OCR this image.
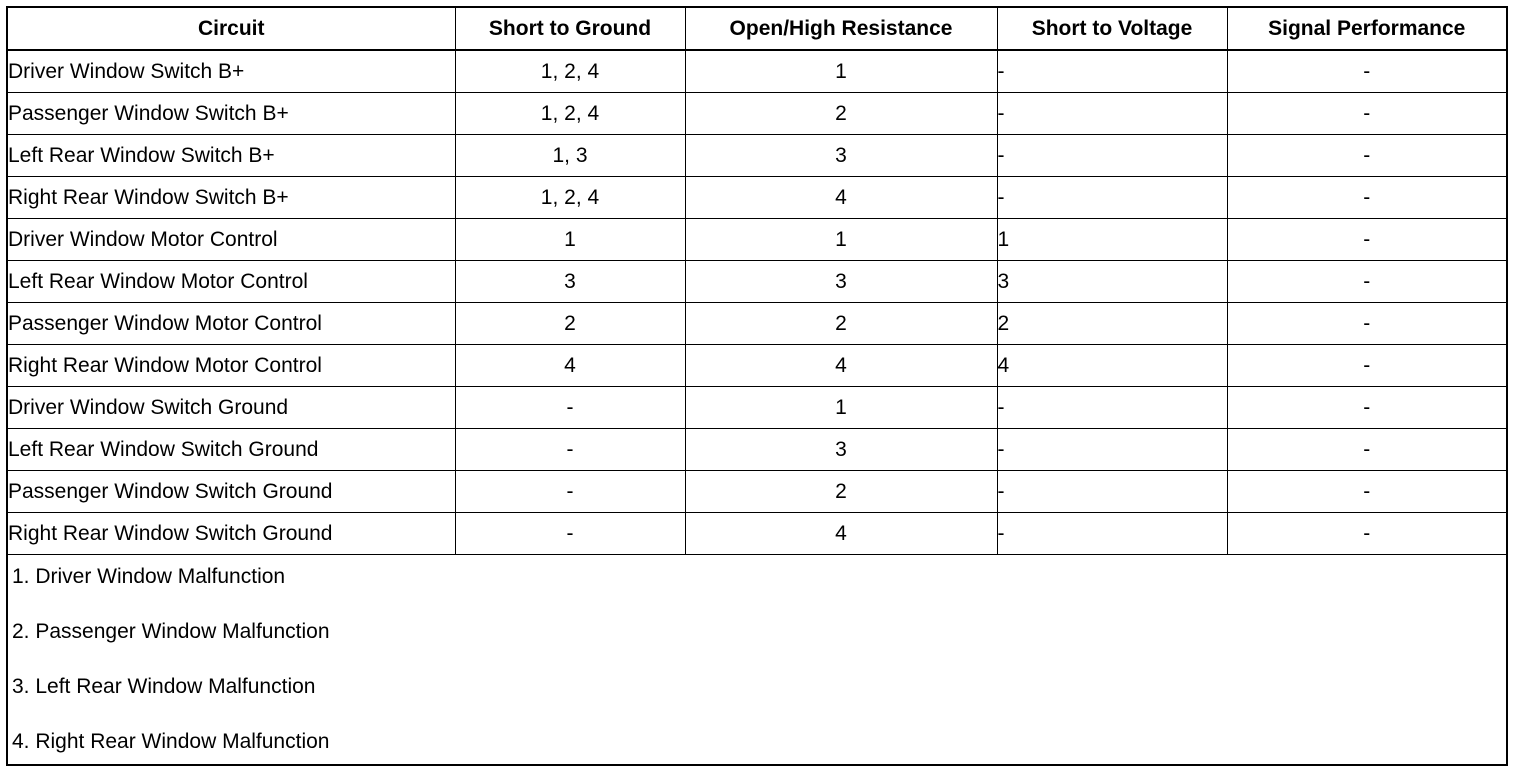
Circuit	Short to Ground	Open/High Resistance	Short to Voltage	Signal Performance
Driver Window Switch B+	1, 2, 4	1	-	-
Passenger Window Switch B+	1, 2, 4	2	-	-
Left Rear Window Switch B+	1, 3	3	-	-
Right Rear Window Switch B+	1, 2, 4	4	-	-
Driver Window Motor Control	1	1	1	-
Left Rear Window Motor Control	3	3	3	-
Passenger Window Motor Control	2	2	2	-
Right Rear Window Motor Control	4	4	4	-
Driver Window Switch Ground	-	1	-	-
Left Rear Window Switch Ground	-	3	-	-
Passenger Window Switch Ground	-	2	-	-
Right Rear Window Switch Ground	-	4	-	-
1. Driver Window Malfunction
2. Passenger Window Malfunction
3. Left Rear Window Malfunction
4. Right Rear Window Malfunction
